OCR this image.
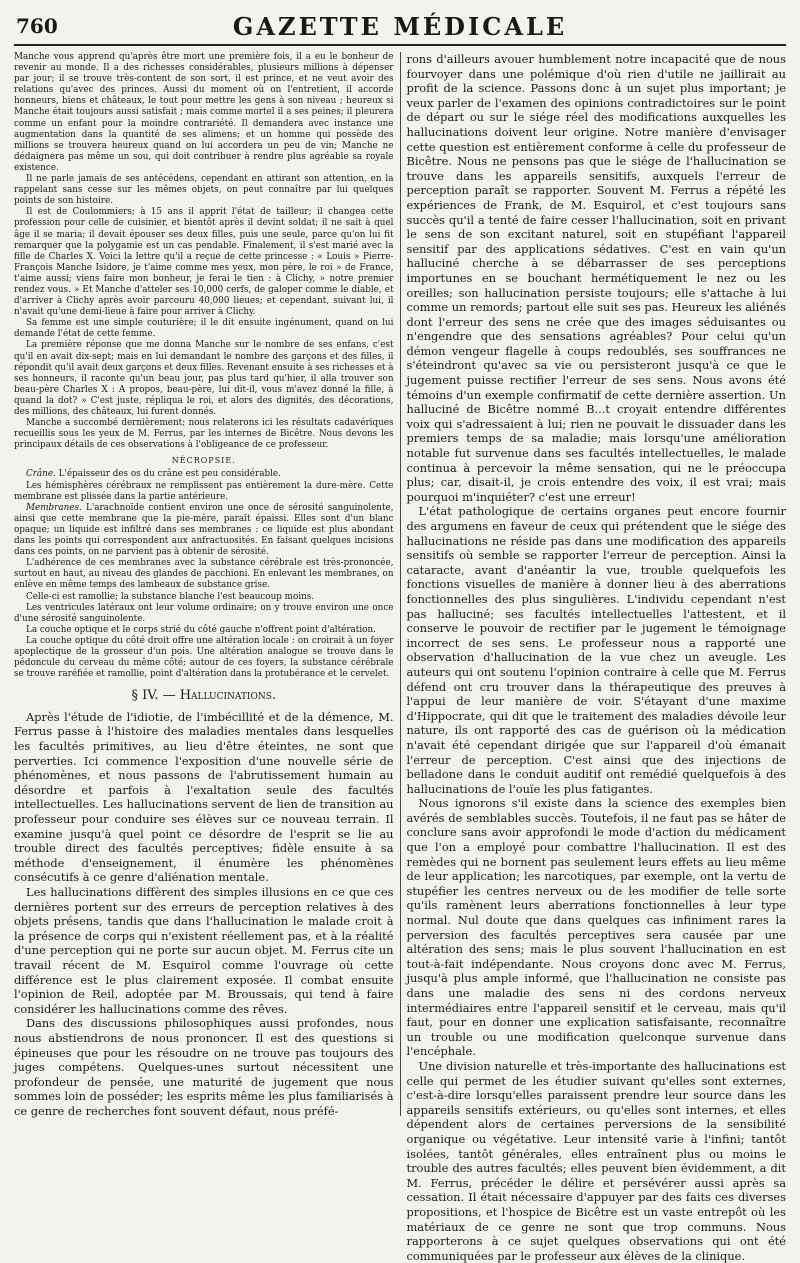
760	GAZETTE MÉDICALE

Manche vous apprend qu'après être mort une première fois, il a eu le bonheur de revenir au monde. Il a des richesses considérables, plusieurs millions à dépenser par jour; il se trouve très-content de son sort, il est prince, et ne veut avoir des relations qu'avec des princes. Aussi du moment où on l'entretient, il accorde honneurs, biens et châteaux, le tout pour mettre les gens à son niveau ; heureux si Manche était toujours aussi satisfait ; mais comme mortel il a ses peines; il pleurera comme un enfant pour la moindre contrariété. Il demandera avec instance une augmentation dans la quantité de ses alimens; et un homme qui possède des millions se trouvera heureux quand on lui accordera un peu de vin; Manche ne dédaignera pas même un sou, qui doit contribuer à rendre plus agréable sa royale existence.

Il ne parle jamais de ses antécédens, cependant en attirant son attention, en la rappelant sans cesse sur les mêmes objets, on peut connaître par lui quelques points de son histoire.

Il est de Coulommiers; à 15 ans il apprit l'état de tailleur; il changea cette profession pour celle de cuisinier, et bientôt après il devint soldat; il ne sait à quel âge il se maria; il devait épouser ses deux filles, puis une seule, parce qu'on lui fit remarquer que la polygamie est un cas pendable. Finalement, il s'est marié avec la fille de Charles X. Voici la lettre qu'il a reçue de cette princesse : « Louis » Pierre-François Manche Isidore, je t'aime comme mes yeux, mon père, le roi » de France, t'aime aussi; viens faire mon bonheur, je ferai le tien : à Clichy, » notre premier rendez vous. » Et Manche d'atteler ses 10,000 cerfs, de galoper comme le diable, et d'arriver à Clichy après avoir parcouru 40,000 lieues; et cependant, suivant lui, il n'avait qu'une demi-lieue à faire pour arriver à Clichy.

Sa femme est une simple couturière; il le dit ensuite ingénument, quand on lui demande l'état de cette femme.

La première réponse que me donna Manche sur le nombre de ses enfans, c'est qu'il en avait dix-sept; mais en lui demandant le nombre des garçons et des filles, il répondit qu'il avait deux garçons et deux filles. Revenant ensuite à ses richesses et à ses honneurs, il raconte qu'un beau jour, pas plus tard qu'hier, il alla trouver son beau-père Charles X : A propos, beau-père, lui dit-il, vous m'avez donné la fille, à quand la dot? » C'est juste, répliqua le roi, et alors des dignités, des décorations, des millions, des châteaux, lui furent donnés.

Manche a succombé dernièrement; nous relaterons ici les résultats cadavériques recueillis sous les yeux de M. Ferrus, par les internes de Bicêtre. Nous devons les principaux détails de ces observations à l'obligeance de ce professeur.

NÉCROPSIE.

Crâne. L'épaisseur des os du crâne est peu considérable.

Les hémisphères cérébraux ne remplissent pas entièrement la dure-mère. Cette membrane est plissée dans la partie antérieure.

Membranes. L'arachnoïde contient environ une once de sérosité sanguinolente, ainsi que cette membrane que la pie-mère, paraît épaissi. Elles sont d'un blanc opaque; un liquide est infiltré dans ses membranes : ce liquide est plus abondant dans les points qui correspondent aux anfractuosités. En faisant quelques incisions dans ces points, on ne parvient pas à obtenir de sérosité.

L'adhérence de ces membranes avec la substance cérébrale est très-prononcée, surtout en haut, au niveau des glandes de pacchioni. En enlevant les membranes, on enlève en même temps des lambeaux de substance grise.

Celle-ci est ramollie; la substance blanche l'est beaucoup moins.

Les ventricules latéraux ont leur volume ordinaire; on y trouve environ une once d'une sérosité sanguinolente.

La couche optique et le corps strié du côté gauche n'offrent point d'altération.

La couche optique du côté droit offre une altération locale : on croirait à un foyer apoplectique de la grosseur d'un pois. Une altération analogue se trouve dans le pédoncule du cerveau du même côté; autour de ces foyers, la substance cérébrale se trouve raréfiée et ramollie, point d'altération dans la protubérance et le cervelet.

§ IV. — Hallucinations.

Après l'étude de l'idiotie, de l'imbécillité et de la démence, M. Ferrus passe à l'histoire des maladies mentales dans lesquelles les facultés primitives, au lieu d'être éteintes, ne sont que perverties. Ici commence l'exposition d'une nouvelle série de phénomènes, et nous passons de l'abrutissement humain au désordre et parfois à l'exaltation seule des facultés intellectuelles. Les hallucinations servent de lien de transition au professeur pour conduire ses élèves sur ce nouveau terrain. Il examine jusqu'à quel point ce désordre de l'esprit se lie au trouble direct des facultés perceptives; fidèle ensuite à sa méthode d'enseignement, il énumère les phénomènes consécutifs à ce genre d'aliénation mentale.

Les hallucinations diffèrent des simples illusions en ce que ces dernières portent sur des erreurs de perception relatives à des objets présens, tandis que dans l'hallucination le malade croit à la présence de corps qui n'existent réellement pas, et à la réalité d'une perception qui ne porte sur aucun objet. M. Ferrus cite un travail récent de M. Esquirol comme l'ouvrage où cette différence est le plus clairement exposée. Il combat ensuite l'opinion de Reil, adoptée par M. Broussais, qui tend à faire considérer les hallucinations comme des rêves.

Dans des discussions philosophiques aussi profondes, nous nous abstiendrons de nous prononcer. Il est des questions si épineuses que pour les résoudre on ne trouve pas toujours des juges compétens. Quelques-unes surtout nécessitent une profondeur de pensée, une maturité de jugement que nous sommes loin de posséder; les esprits même les plus familiarisés à ce genre de recherches font souvent défaut, nous préfé-

rons d'ailleurs avouer humblement notre incapacité que de nous fourvoyer dans une polémique d'où rien d'utile ne jaillirait au profit de la science. Passons donc à un sujet plus important; je veux parler de l'examen des opinions contradictoires sur le point de départ ou sur le siége réel des modifications auxquelles les hallucinations doivent leur origine. Notre manière d'envisager cette question est entièrement conforme à celle du professeur de Bicêtre. Nous ne pensons pas que le siége de l'hallucination se trouve dans les appareils sensitifs, auxquels l'erreur de perception paraît se rapporter. Souvent M. Ferrus a répété les expériences de Frank, de M. Esquirol, et c'est toujours sans succès qu'il a tenté de faire cesser l'hallucination, soit en privant le sens de son excitant naturel, soit en stupéfiant l'appareil sensitif par des applications sédatives. C'est en vain qu'un halluciné cherche à se débarrasser de ses perceptions importunes en se bouchant hermétiquement le nez ou les oreilles; son hallucination persiste toujours; elle s'attache à lui comme un remords; partout elle suit ses pas. Heureux les aliénés dont l'erreur des sens ne crée que des images séduisantes ou n'engendre que des sensations agréables? Pour celui qu'un démon vengeur flagelle à coups redoublés, ses souffrances ne s'éteindront qu'avec sa vie ou persisteront jusqu'à ce que le jugement puisse rectifier l'erreur de ses sens. Nous avons été témoins d'un exemple confirmatif de cette dernière assertion. Un halluciné de Bicêtre nommé B...t croyait entendre différentes voix qui s'adressaient à lui; rien ne pouvait le dissuader dans les premiers temps de sa maladie; mais lorsqu'une amélioration notable fut survenue dans ses facultés intellectuelles, le malade continua à percevoir la même sensation, qui ne le préoccupa plus; car, disait-il, je crois entendre des voix, il est vrai; mais pourquoi m'inquiéter? c'est une erreur!

L'état pathologique de certains organes peut encore fournir des argumens en faveur de ceux qui prétendent que le siége des hallucinations ne réside pas dans une modification des appareils sensitifs où semble se rapporter l'erreur de perception. Ainsi la cataracte, avant d'anéantir la vue, trouble quelquefois les fonctions visuelles de manière à donner lieu à des aberrations fonctionnelles des plus singulières. L'individu cependant n'est pas halluciné; ses facultés intellectuelles l'attestent, et il conserve le pouvoir de rectifier par le jugement le témoignage incorrect de ses sens. Le professeur nous a rapporté une observation d'hallucination de la vue chez un aveugle. Les auteurs qui ont soutenu l'opinion contraire à celle que M. Ferrus défend ont cru trouver dans la thérapeutique des preuves à l'appui de leur manière de voir. S'étayant d'une maxime d'Hippocrate, qui dit que le traitement des maladies dévoile leur nature, ils ont rapporté des cas de guérison où la médication n'avait été cependant dirigée que sur l'appareil d'où émanait l'erreur de perception. C'est ainsi que des injections de belladone dans le conduit auditif ont remédié quelquefois à des hallucinations de l'ouïe les plus fatigantes.

Nous ignorons s'il existe dans la science des exemples bien avérés de semblables succès. Toutefois, il ne faut pas se hâter de conclure sans avoir approfondi le mode d'action du médicament que l'on a employé pour combattre l'hallucination. Il est des remèdes qui ne bornent pas seulement leurs effets au lieu même de leur application; les narcotiques, par exemple, ont la vertu de stupéfier les centres nerveux ou de les modifier de telle sorte qu'ils ramènent leurs aberrations fonctionnelles à leur type normal. Nul doute que dans quelques cas infiniment rares la perversion des facultés perceptives sera causée par une altération des sens; mais le plus souvent l'hallucination en est tout-à-fait indépendante. Nous croyons donc avec M. Ferrus, jusqu'à plus ample informé, que l'hallucination ne consiste pas dans une maladie des sens ni des cordons nerveux intermédiaires entre l'appareil sensitif et le cerveau, mais qu'il faut, pour en donner une explication satisfaisante, reconnaître un trouble ou une modification quelconque survenue dans l'encéphale.

Une division naturelle et très-importante des hallucinations est celle qui permet de les étudier suivant qu'elles sont externes, c'est-à-dire lorsqu'elles paraissent prendre leur source dans les appareils sensitifs extérieurs, ou qu'elles sont internes, et elles dépendent alors de certaines perversions de la sensibilité organique ou végétative. Leur intensité varie à l'infini; tantôt isolées, tantôt générales, elles entraînent plus ou moins le trouble des autres facultés; elles peuvent bien évidemment, a dit M. Ferrus, précéder le délire et persévérer aussi après sa cessation. Il était nécessaire d'appuyer par des faits ces diverses propositions, et l'hospice de Bicêtre est un vaste entrepôt où les matériaux de ce genre ne sont que trop communs. Nous rapporterons à ce sujet quelques observations qui ont été communiquées par le professeur aux élèves de la clinique.
